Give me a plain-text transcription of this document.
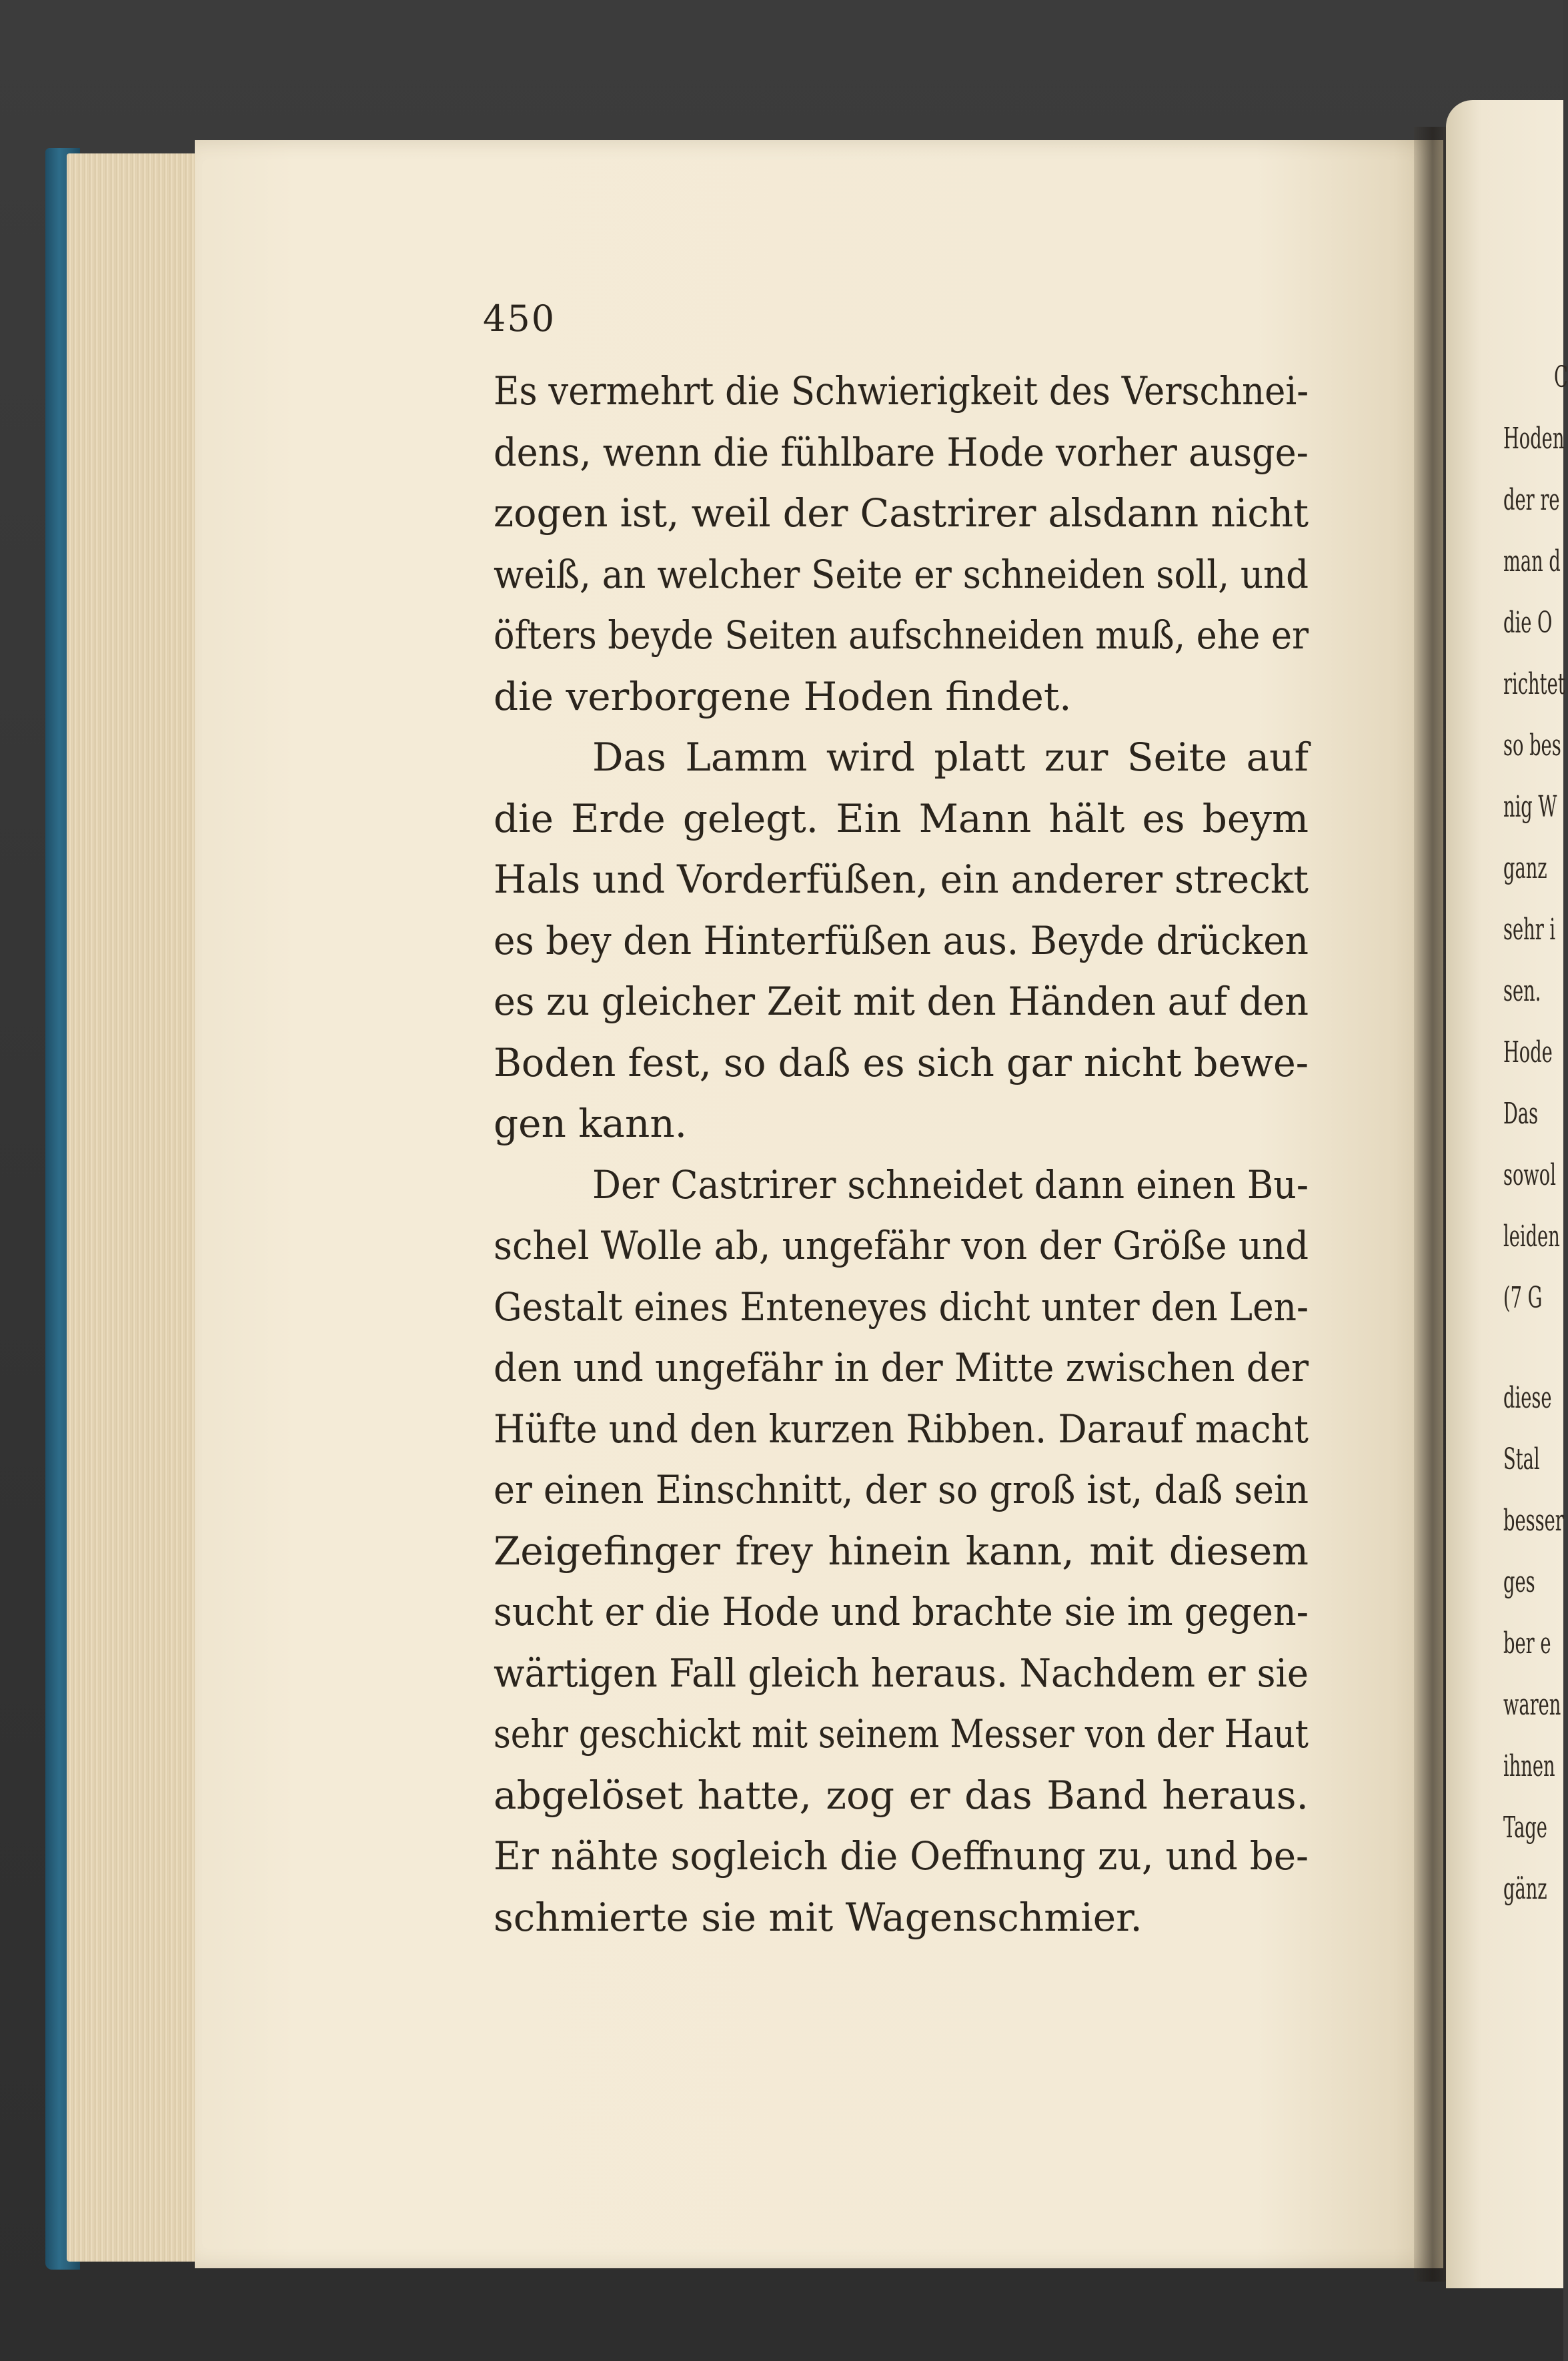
450

Es vermehrt die Schwierigkeit des Verschnei-

dens, wenn die fühlbare Hode vorher ausge-

zogen ist, weil der Castrirer alsdann nicht

weiß, an welcher Seite er schneiden soll, und

öfters beyde Seiten aufschneiden muß, ehe er

die verborgene Hoden findet.

Das Lamm wird platt zur Seite auf

die Erde gelegt. Ein Mann hält es beym

Hals und Vorderfüßen, ein anderer streckt

es bey den Hinterfüßen aus. Beyde drücken

es zu gleicher Zeit mit den Händen auf den

Boden fest, so daß es sich gar nicht bewe-

gen kann.

Der Castrirer schneidet dann einen Bu-

schel Wolle ab, ungefähr von der Größe und

Gestalt eines Enteneyes dicht unter den Len-

den und ungefähr in der Mitte zwischen der

Hüfte und den kurzen Ribben. Darauf macht

er einen Einschnitt, der so groß ist, daß sein

Zeigefinger frey hinein kann, mit diesem

sucht er die Hode und brachte sie im gegen-

wärtigen Fall gleich heraus. Nachdem er sie

sehr geschickt mit seinem Messer von der Haut

abgelöset hatte, zog er das Band heraus.

Er nähte sogleich die Oeffnung zu, und be-

schmierte sie mit Wagenschmier.

C

Hoden

der re

man d

die O

richtet

so bes

nig W

ganz

sehr i

sen.

Hode

Das

sowol

leiden

(7 G

diese

Stal

besser

ges

ber e

waren

ihnen

Tage

gänz
